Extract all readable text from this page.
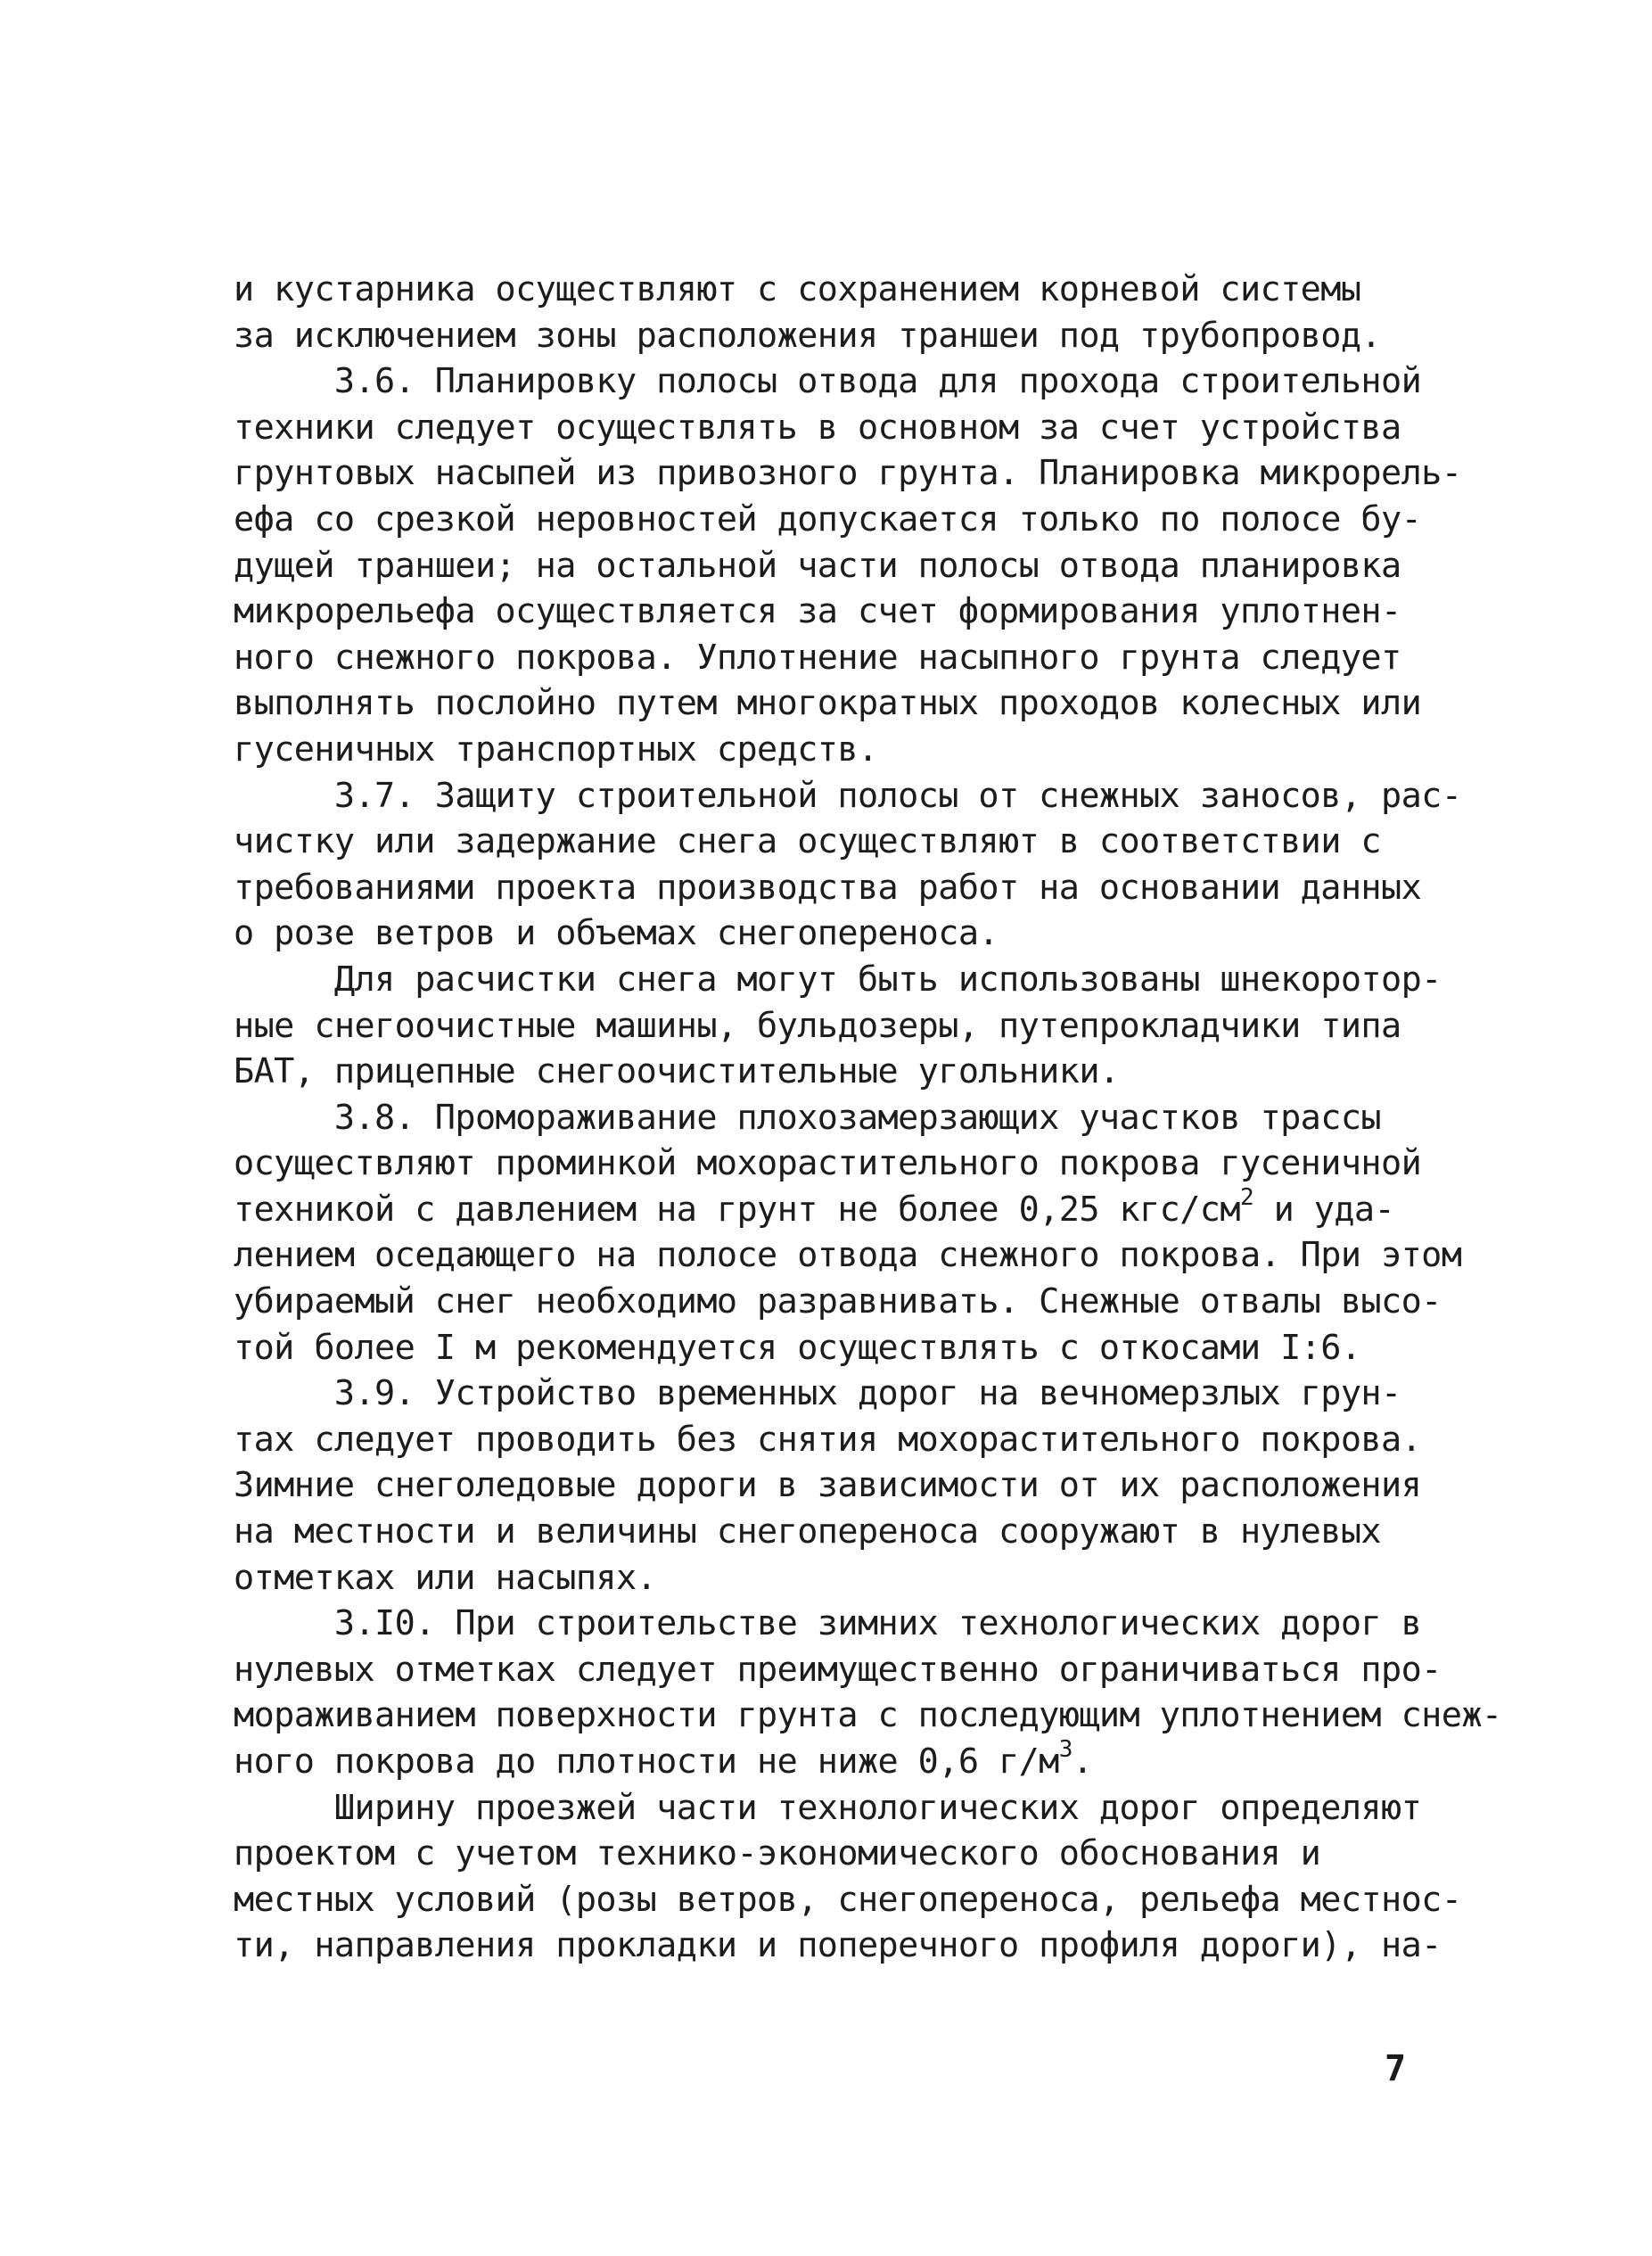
и кустарника осуществляют с сохранением корневой системы
за исключением зоны расположения траншеи под трубопровод.
3.6. Планировку полосы отвода для прохода строительной
техники следует осуществлять в основном за счет устройства
грунтовых насыпей из привозного грунта. Планировка микрорель-
ефа со срезкой неровностей допускается только по полосе бу-
дущей траншеи; на остальной части полосы отвода планировка
микрорельефа осуществляется за счет формирования уплотнен-
ного снежного покрова. Уплотнение насыпного грунта следует
выполнять послойно путем многократных проходов колесных или
гусеничных транспортных средств.
3.7. Защиту строительной полосы от снежных заносов, рас-
чистку или задержание снега осуществляют в соответствии с
требованиями проекта производства работ на основании данных
о розе ветров и объемах снегопереноса.
Для расчистки снега могут быть использованы шнекоротор-
ные снегоочистные машины, бульдозеры, путепрокладчики типа
БАТ, прицепные снегоочистительные угольники.
3.8. Промораживание плохозамерзающих участков трассы
осуществляют проминкой мохорастительного покрова гусеничной
техникой с давлением на грунт не более 0,25 кгс/$см^2$ и уда-
лением оседающего на полосе отвода снежного покрова. При этом
убираемый снег необходимо разравнивать. Снежные отвалы высо-
той более I м рекомендуется осуществлять с откосами I:6.
3.9. Устройство временных дорог на вечномерзлых грун-
тах следует проводить без снятия мохорастительного покрова.
Зимние снеголедовые дороги в зависимости от их расположения
на местности и величины снегопереноса сооружают в нулевых
отметках или насыпях.
3.I0. При строительстве зимних технологических дорог в
нулевых отметках следует преимущественно ограничиваться про-
мораживанием поверхности грунта с последующим уплотнением снеж-
ного покрова до плотности не ниже 0,6 $г/м^3$.
Ширину проезжей части технологических дорог определяют
проектом с учетом технико-экономического обоснования и
местных условий (розы ветров, снегопереноса, рельефа местнос-
ти, направления прокладки и поперечного профиля дороги), на-
7
